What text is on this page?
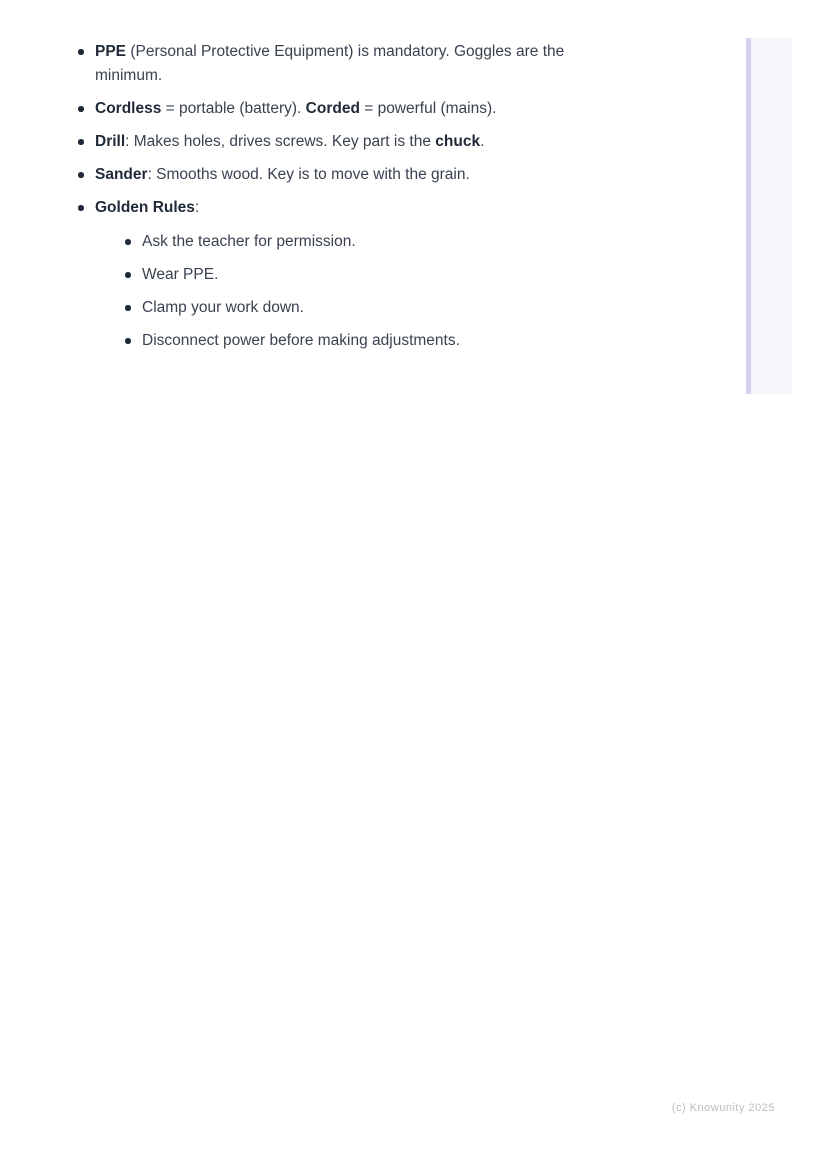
PPE (Personal Protective Equipment) is mandatory. Goggles are the minimum.
Cordless = portable (battery). Corded = powerful (mains).
Drill: Makes holes, drives screws. Key part is the chuck.
Sander: Smooths wood. Key is to move with the grain.
Golden Rules:
Ask the teacher for permission.
Wear PPE.
Clamp your work down.
Disconnect power before making adjustments.
(c) Knowunity 2025
